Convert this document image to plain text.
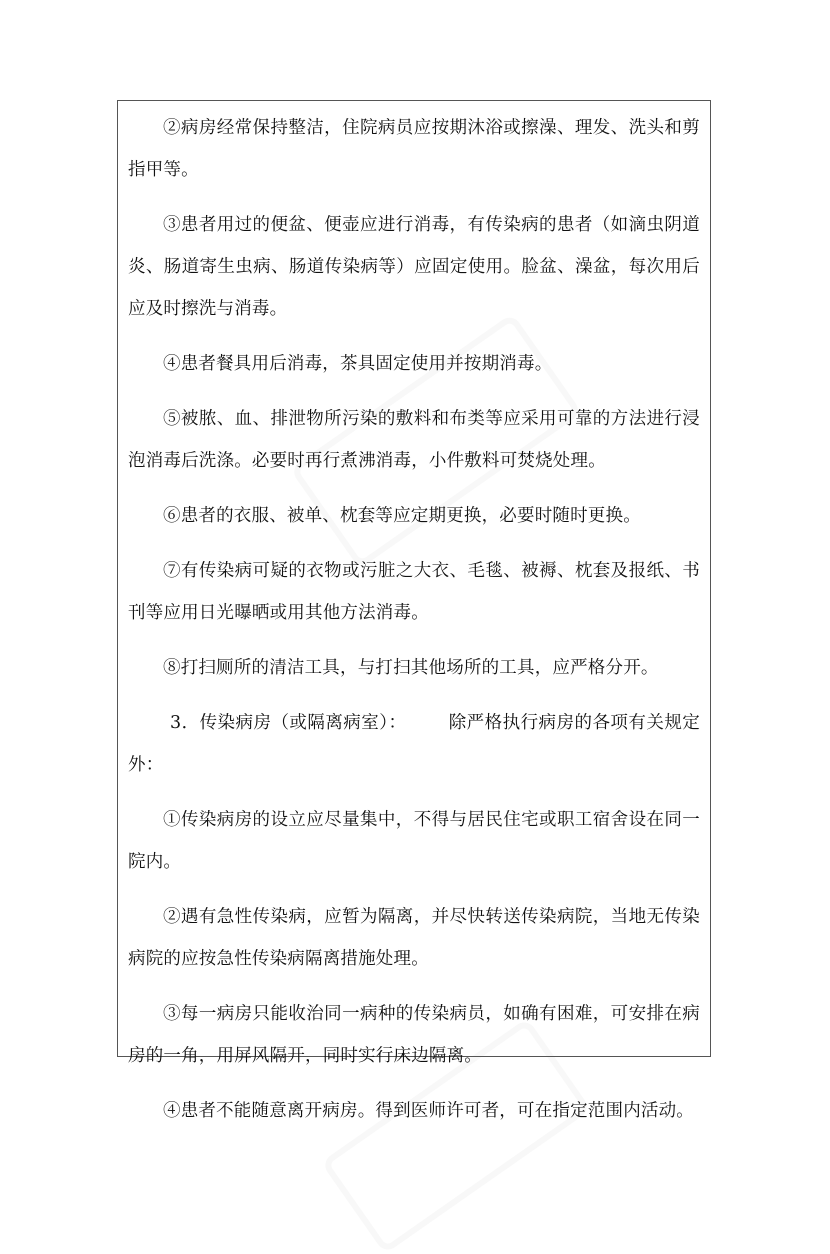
②病房经常保持整洁，住院病员应按期沐浴或擦澡、理发、洗头和剪指甲等。

③患者用过的便盆、便壶应进行消毒，有传染病的患者（如滴虫阴道炎、肠道寄生虫病、肠道传染病等）应固定使用。脸盆、澡盆，每次用后应及时擦洗与消毒。

④患者餐具用后消毒，茶具固定使用并按期消毒。

⑤被脓、血、排泄物所污染的敷料和布类等应采用可靠的方法进行浸泡消毒后洗涤。必要时再行煮沸消毒，小件敷料可焚烧处理。

⑥患者的衣服、被单、枕套等应定期更换，必要时随时更换。

⑦有传染病可疑的衣物或污脏之大衣、毛毯、被褥、枕套及报纸、书刊等应用日光曝晒或用其他方法消毒。

⑧打扫厕所的清洁工具，与打扫其他场所的工具，应严格分开。

3．传染病房（或隔离病室）： 除严格执行病房的各项有关规定外：

①传染病房的设立应尽量集中，不得与居民住宅或职工宿舍设在同一院内。

②遇有急性传染病，应暂为隔离，并尽快转送传染病院，当地无传染病院的应按急性传染病隔离措施处理。

③每一病房只能收治同一病种的传染病员，如确有困难，可安排在病房的一角，用屏风隔开，同时实行床边隔离。

④患者不能随意离开病房。得到医师许可者，可在指定范围内活动。
